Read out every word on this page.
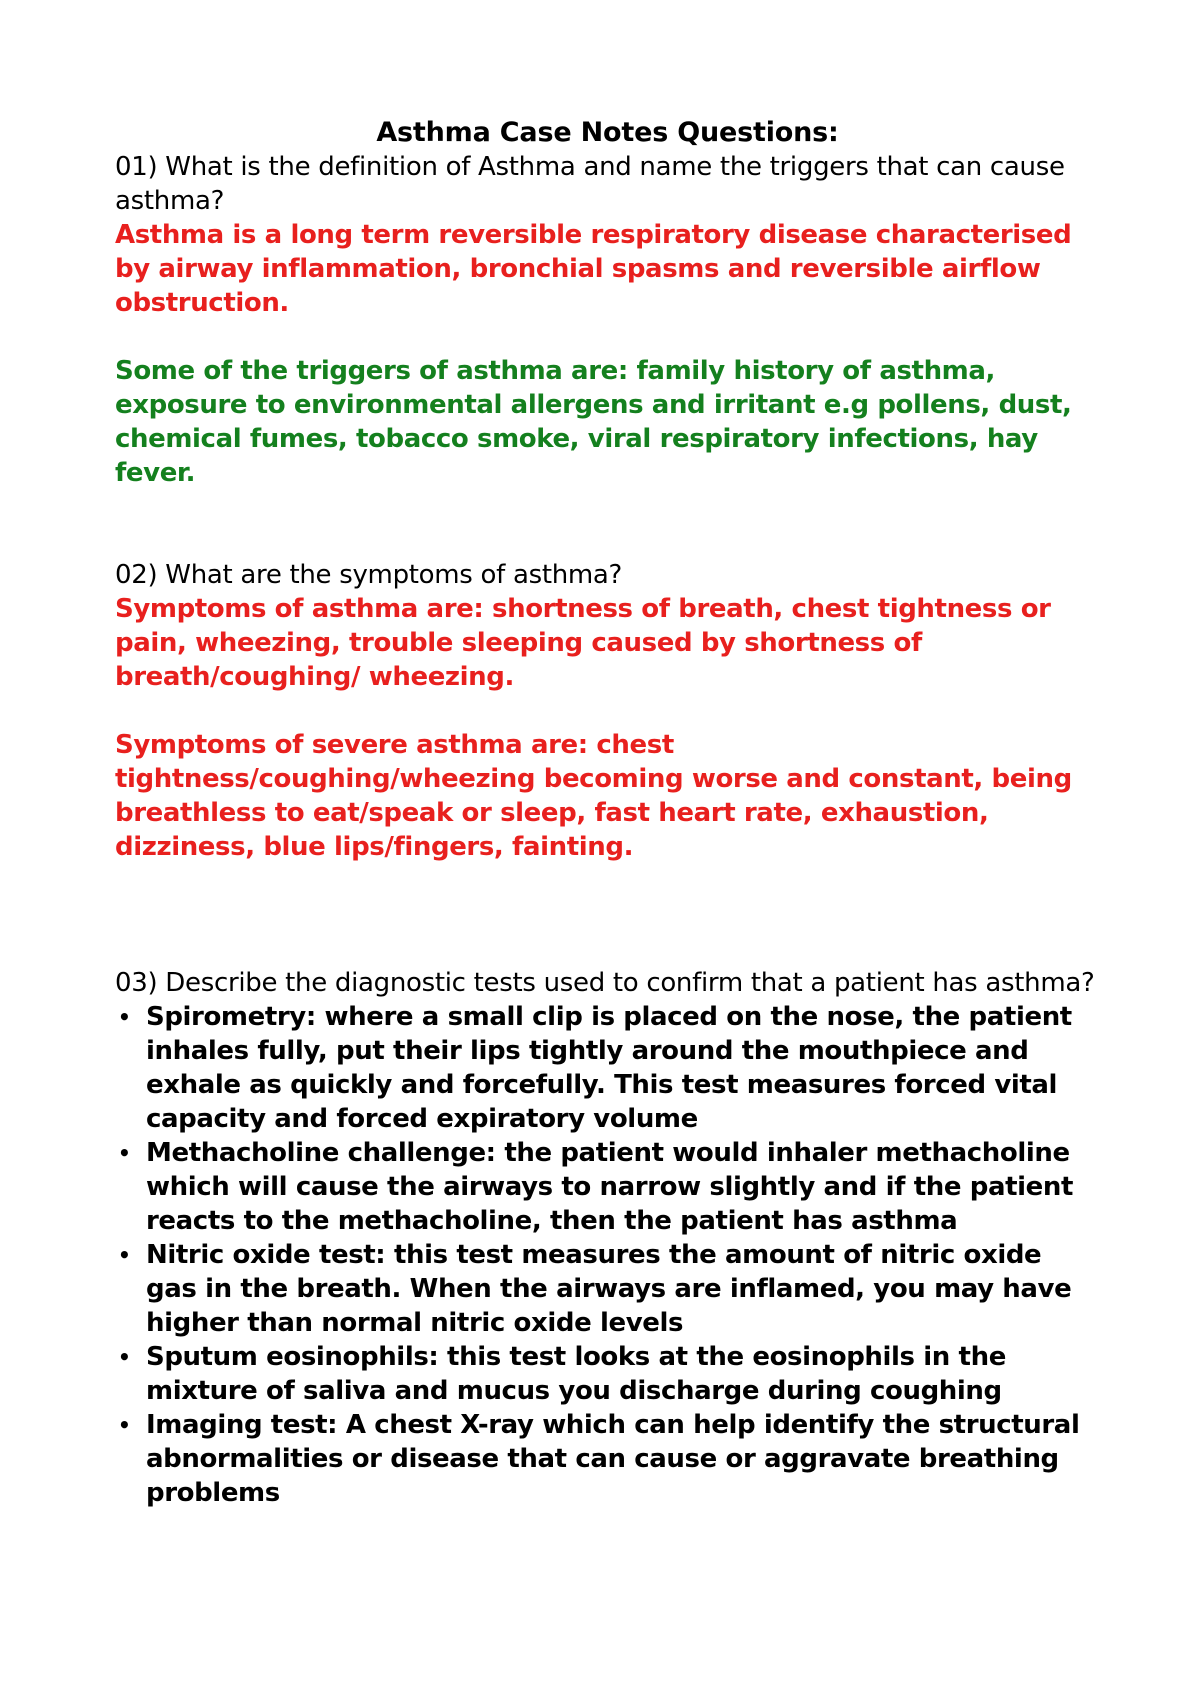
Asthma Case Notes Questions:

01) What is the definition of Asthma and name the triggers that can cause asthma?

Asthma is a long term reversible respiratory disease characterised by airway inflammation, bronchial spasms and reversible airflow obstruction.

Some of the triggers of asthma are: family history of asthma, exposure to environmental allergens and irritant e.g pollens, dust, chemical fumes, tobacco smoke, viral respiratory infections, hay fever.

02) What are the symptoms of asthma?

Symptoms of asthma are: shortness of breath, chest tightness or pain, wheezing, trouble sleeping caused by shortness of breath/coughing/ wheezing.

Symptoms of severe asthma are: chest tightness/coughing/wheezing becoming worse and constant, being breathless to eat/speak or sleep, fast heart rate, exhaustion, dizziness, blue lips/fingers, fainting.

03) Describe the diagnostic tests used to confirm that a patient has asthma?

• Spirometry: where a small clip is placed on the nose, the patient inhales fully, put their lips tightly around the mouthpiece and exhale as quickly and forcefully. This test measures forced vital capacity and forced expiratory volume
• Methacholine challenge: the patient would inhaler methacholine which will cause the airways to narrow slightly and if the patient reacts to the methacholine, then the patient has asthma
• Nitric oxide test: this test measures the amount of nitric oxide gas in the breath. When the airways are inflamed, you may have higher than normal nitric oxide levels
• Sputum eosinophils: this test looks at the eosinophils in the mixture of saliva and mucus you discharge during coughing
• Imaging test: A chest X-ray which can help identify the structural abnormalities or disease that can cause or aggravate breathing problems
